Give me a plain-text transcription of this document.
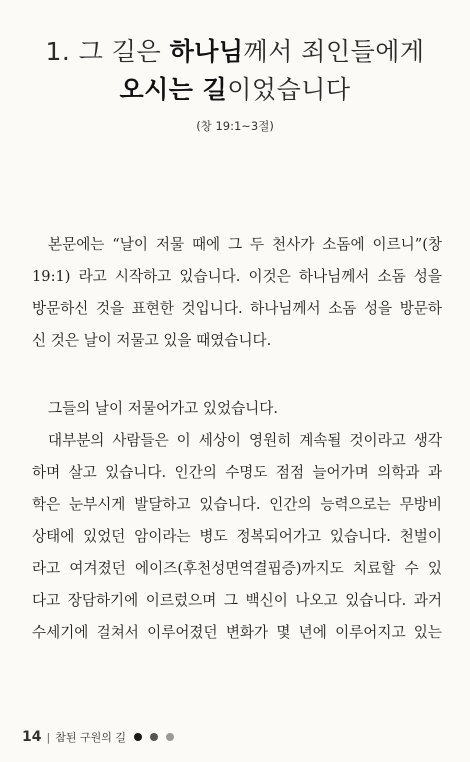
1. 그 길은 하나님께서 죄인들에게
오시는 길이었습니다
(창 19:1~3절)
본문에는 “날이 저물 때에 그 두 천사가 소돔에 이르니”(창
19:1) 라고 시작하고 있습니다. 이것은 하나님께서 소돔 성을
방문하신 것을 표현한 것입니다. 하나님께서 소돔 성을 방문하
신 것은 날이 저물고 있을 때였습니다.
그들의 날이 저물어가고 있었습니다.
대부분의 사람들은 이 세상이 영원히 계속될 것이라고 생각
하며 살고 있습니다. 인간의 수명도 점점 늘어가며 의학과 과
학은 눈부시게 발달하고 있습니다. 인간의 능력으로는 무방비
상태에 있었던 암이라는 병도 정복되어가고 있습니다. 천벌이
라고 여겨졌던 에이즈(후천성면역결핍증)까지도 치료할 수 있
다고 장담하기에 이르렀으며 그 백신이 나오고 있습니다. 과거
수세기에 걸쳐서 이루어졌던 변화가 몇 년에 이루어지고 있는
14 | 참된 구원의 길
